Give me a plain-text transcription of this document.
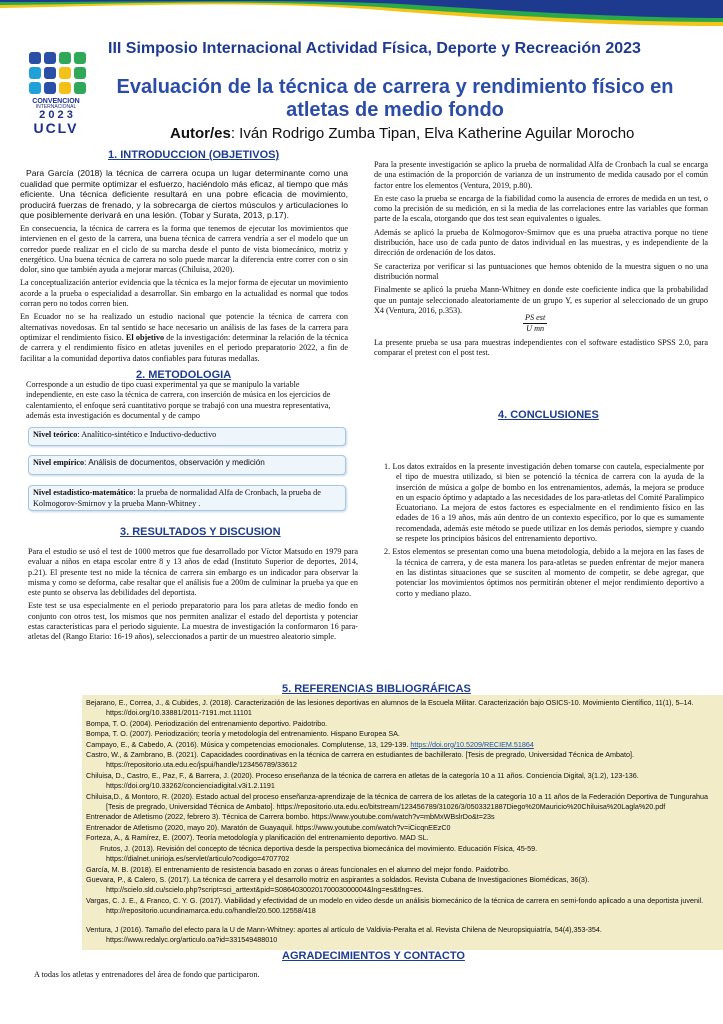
CONVENCION
INTERNACIONAL
2 0 2 3
UCLV
III Simposio Internacional Actividad Física, Deporte y Recreación 2023
Evaluación de la técnica de carrera y rendimiento físico en atletas de medio fondo
Autor/es: Iván Rodrigo Zumba Tipan, Elva Katherine Aguilar Morocho
1. INTRODUCCION (OBJETIVOS)
Para García (2018) la técnica de carrera ocupa un lugar determinante como una cualidad que permite optimizar el esfuerzo, haciéndolo más eficaz, al tiempo que más eficiente. Una técnica deficiente resultará en una pobre eficacia de movimiento, producirá fuerzas de frenado, y la sobrecarga de ciertos músculos y articulaciones lo que posiblemente derivará en una lesión. (Tobar y Surata, 2013, p.17).

En consecuencia, la técnica de carrera es la forma que tenemos de ejecutar los movimientos que intervienen en el gesto de la carrera, una buena técnica de carrera vendría a ser el modelo que un corredor puede realizar en el ciclo de su marcha desde el punto de vista biomecánico, motriz y energético. Una buena técnica de carrera no solo puede marcar la diferencia entre correr con o sin dolor, sino que también ayuda a mejorar marcas (Chiluisa, 2020).

La conceptualización anterior evidencia que la técnica es la mejor forma de ejecutar un movimiento acorde a la prueba o especialidad a desarrollar. Sin embargo en la actualidad es normal que todos corran pero no todos corren bien.

En Ecuador no se ha realizado un estudio nacional que potencie la técnica de carrera con alternativas novedosas. En tal sentido se hace necesario un análisis de las fases de la carrera para optimizar el rendimiento físico. El objetivo de la investigación: determinar la relación de la técnica de carrera y el rendimiento físico en atletas juveniles en el periodo preparatorio 2022, a fin de facilitar a la comunidad deportiva datos confiables para futuras medallas.

2. METODOLOGIA
Corresponde a un estudio de tipo cuasi experimental ya que se manipulo la variable independiente, en este caso la técnica de carrera, con inserción de música en los ejercicios de calentamiento, el enfoque será cuantitativo porque se trabajó con una muestra representativa, además esta investigación es documental y de campo
Nivel teórico: Analítico-sintético e Inductivo-deductivo
Nivel empírico: Análisis de documentos, observación y medición
Nivel estadístico-matemático: la prueba de normalidad Alfa de Cronbach, la prueba de Kolmogorov-Smirnov y la prueba Mann-Whitney .
3. RESULTADOS Y DISCUSION

Para el estudio se usó el test de 1000 metros que fue desarrollado por Víctor Matsudo en 1979 para evaluar a niños en etapa escolar entre 8 y 13 años de edad (Instituto Superior de deportes, 2014, p.21). El presente test no mide la técnica de carrera sin embargo es un indicador para observar la misma y como se deforma, cabe resaltar que el análisis fue a 200m de culminar la prueba ya que en este punto se observa las debilidades del deportista.

Este test se usa especialmente en el periodo preparatorio para los para atletas de medio fondo en conjunto con otros test, los mismos que nos permiten analizar el estado del deportista y potenciar estas características para el periodo siguiente. La muestra de investigación la conformaron 16 para-atletas del (Rango Etario: 16-19 años), seleccionados a partir de un muestreo aleatorio simple.

Para la presente investigación se aplico la prueba de normalidad Alfa de Cronbach la cual se encarga de una estimación de la proporción de varianza de un instrumento de medida causado por el común factor entre los elementos (Ventura, 2019, p.80).

En este caso la prueba se encarga de la fiabilidad como la ausencia de errores de medida en un test, o como la precisión de su medición, en si la media de las correlaciones entre las variables que forman parte de la escala, otorgando que dos test sean equivalentes o iguales.

Además se aplicó la prueba de Kolmogorov-Smirnov que es una prueba atractiva porque no tiene distribución, hace uso de cada punto de datos individual en las muestras, y es independiente de la dirección de ordenación de los datos.

Se caracteriza por verificar si las puntuaciones que hemos obtenido de la muestra siguen o no una distribución normal

Finalmente se aplicó la prueba Mann-Whitney en donde este coeficiente indica que la probabilidad que un puntaje seleccionado aleatoriamente de un grupo Y, es superior al seleccionado de un grupo X4 (Ventura, 2016, p.353).

PS est
U mn
La presente prueba se usa para muestras independientes con el software estadístico SPSS 2.0, para comparar el pretest con el post test.
4. CONCLUSIONES

1. Los datos extraídos en la presente investigación deben tomarse con cautela, especialmente por el tipo de muestra utilizado, si bien se potenció la técnica de carrera con la ayuda de la inserción de música a golpe de bombo en los entrenamientos, además, la mejora se produce en un espacio óptimo y adaptado a las necesidades de los para-atletas del Comité Paralímpico Ecuatoriano. La mejora de estos factores es especialmente en el rendimiento físico en las edades de 16 a 19 años, más aún dentro de un contexto específico, por lo que es sumamente recomendada, además este método se puede utilizar en los demás periodos, siempre y cuando se respete los principios básicos del entrenamiento deportivo.

2. Estos elementos se presentan como una buena metodología, debido a la mejora en las fases de la técnica de carrera, y de esta manera los para-atletas se pueden enfrentar de mejor manera en las distintas situaciones que se susciten al momento de competir, se debe agregar, que potenciar los movimientos óptimos nos permitirán obtener el mejor rendimiento deportivo a corto y mediano plazo.

5. REFERENCIAS BIBLIOGRÁFICAS

Bejarano, E., Correa, J., & Cubides, J. (2018). Caracterización de las lesiones deportivas en alumnos de la Escuela Militar. Caracterización bajo OSICS-10. Movimiento Científico, 11(1), 5–14.

https://doi.org/10.33881/2011-7191.mct.11101

Bompa, T. O. (2004). Periodización del entrenamiento deportivo. Paidotribo.

Bompa, T. O. (2007). Periodización; teoría y metodología del entrenamiento. Hispano Europea SA.

Campayo, E., & Cabedo, A. (2016). Música y competencias emocionales. Complutense, 13, 129-139. https://doi.org/10.5209/RECIEM.51864

Castro, W., & Zambrano, B. (2021). Capacidades coordinativas en la técnica de carrera en estudiantes de bachillerato. [Tesis de pregrado, Universidad Técnica de Ambato].

https://repositorio.uta.edu.ec/jspui/handle/123456789/33612

Chiluisa, D., Castro, E., Paz, F., & Barrera, J. (2020). Proceso enseñanza de la técnica de carrera en atletas de la categoría 10 a 11 años. Conciencia Digital, 3(1.2), 123-136.

https://doi.org/10.33262/concienciadigital.v3i1.2.1191

Chiluisa,D., & Montoro, R. (2020). Estado actual del proceso enseñanza-aprendizaje de la técnica de carrera de los atletas de la categoría 10 a 11 años de la Federación Deportiva de Tungurahua

[Tesis de pregrado, Universidad Técnica de Ambato]. https://repositorio.uta.edu.ec/bitstream/123456789/31026/3/0503321887Diego%20Mauricio%20Chiluisa%20Lagla%20.pdf

Entrenador de Atletismo (2022, febrero 3). Técnica de Carrera bombo. https://www.youtube.com/watch?v=mbMxWBslrDo&t=23s

Entrenador de Atletismo (2020, mayo 20). Maratón de Guayaquil. https://www.youtube.com/watch?v=iCicqnEEzC0

Forteza, A., & Ramírez, E. (2007). Teoría metodología y planificación del entrenamiento deportivo. MAD SL.

Frutos, J. (2013). Revisión del concepto de técnica deportiva desde la perspectiva biomecánica del movimiento. Educación Física, 45-59.

https://dialnet.unirioja.es/servlet/articulo?codigo=4707702

García, M. B. (2018). El entrenamiento de resistencia basado en zonas o áreas funcionales en el alumno del mejor fondo. Paidotribo.

Guevara, P., & Calero, S. (2017). La técnica de carrera y el desarrollo motriz en aspirantes a soldados. Revista Cubana de Investigaciones Biomédicas, 36(3).

http://scielo.sld.cu/scielo.php?script=sci_arttext&pid=S0864030020170003000004&lng=es&tlng=es.

Vargas, C. J. E., & Franco, C. Y. G. (2017). Viabilidad y efectividad de un modelo en video desde un análisis biomecánico de la técnica de carrera en semi-fondo aplicado a una deportista juvenil.

http://repositorio.ucundinamarca.edu.co/handle/20.500.12558/418

Ventura, J (2016). Tamaño del efecto para la U de Mann-Whitney: aportes al artículo de Valdivia-Peralta et al. Revista Chilena de Neuropsiquiatría, 54(4),353-354.

https://www.redalyc.org/articulo.oa?id=331549488010

AGRADECIMIENTOS Y CONTACTO
A todas los atletas y entrenadores del área de fondo que participaron.
